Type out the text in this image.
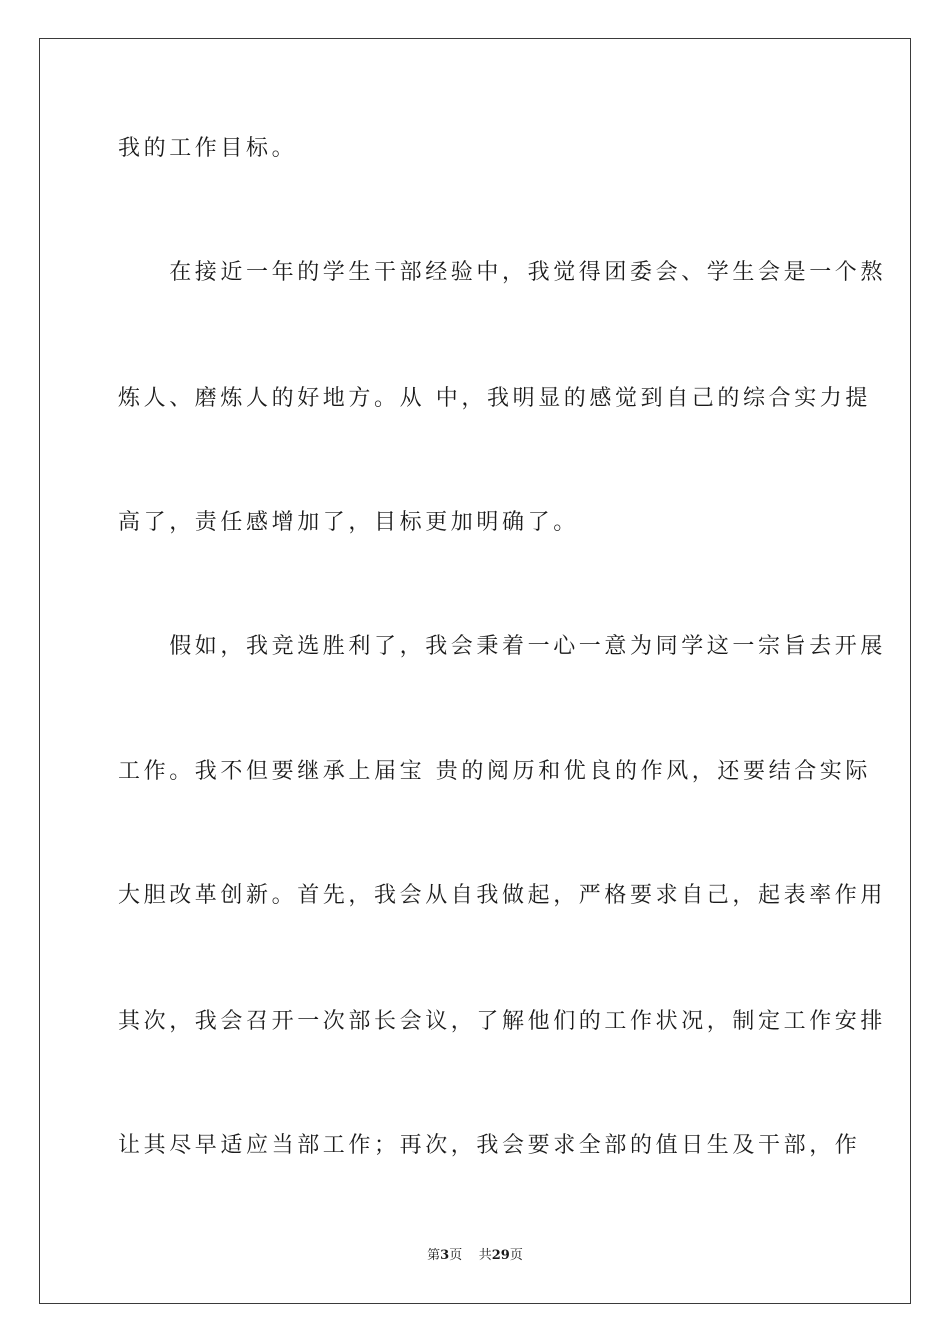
我的工作目标。
　　在接近一年的学生干部经验中，我觉得团委会、学生会是一个熬
炼人、磨炼人的好地方。从 中，我明显的感觉到自己的综合实力提
高了，责任感增加了，目标更加明确了。
　　假如，我竞选胜利了，我会秉着一心一意为同学这一宗旨去开展
工作。我不但要继承上届宝 贵的阅历和优良的作风，还要结合实际
大胆改革创新。首先，我会从自我做起，严格要求自己，起表率作用
其次，我会召开一次部长会议，了解他们的工作状况，制定工作安排
让其尽早适应当部工作；再次，我会要求全部的值日生及干部，作
第3页 共29页
